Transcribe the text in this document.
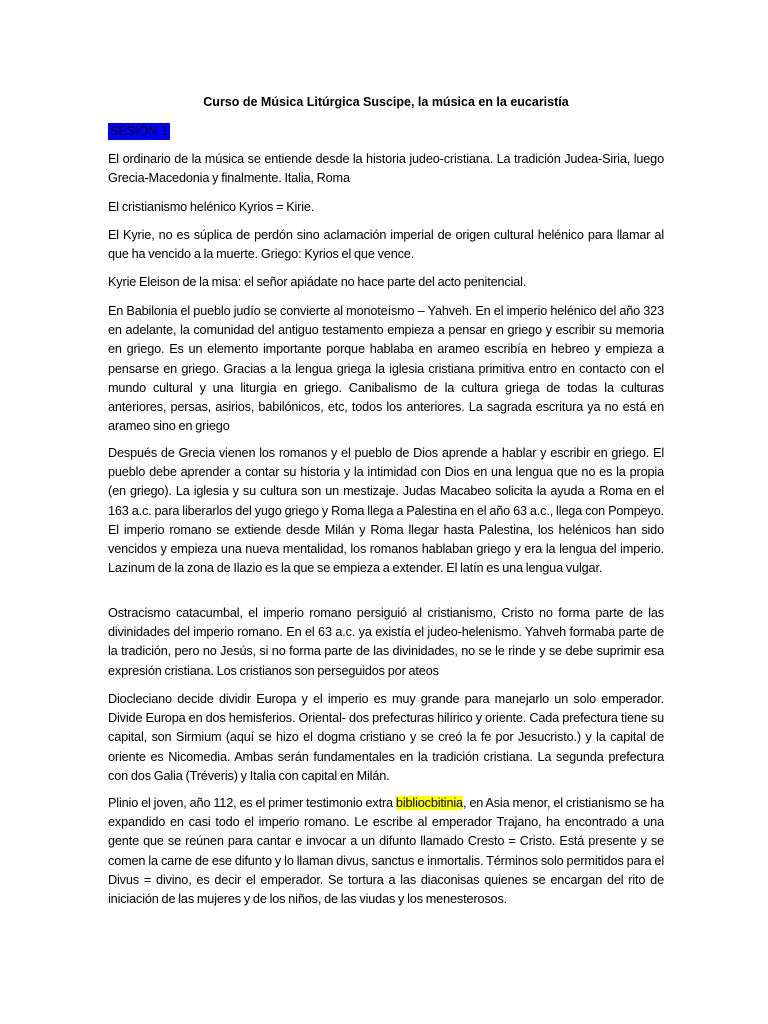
Curso de Música Litúrgica Suscipe, la música en la eucaristía
SESIÓN 1

El ordinario de la música se entiende desde la historia judeo-cristiana. La tradición Judea-Siria, luego Grecia-Macedonia y finalmente. Italia, Roma

El cristianismo helénico Kyrios = Kirie.

El Kyrie, no es súplica de perdón sino aclamación imperial de origen cultural helénico para llamar al que ha vencido a la muerte. Griego: Kyrios el que vence.

Kyrie Eleison de la misa: el señor apiádate no hace parte del acto penitencial.

En Babilonia el pueblo judío se convierte al monoteísmo – Yahveh. En el imperio helénico del año 323 en adelante, la comunidad del antiguo testamento empieza a pensar en griego y escribir su memoria en griego. Es un elemento importante porque hablaba en arameo escribía en hebreo y empieza a pensarse en griego. Gracias a la lengua griega la iglesia cristiana primitiva entro en contacto con el mundo cultural y una liturgia en griego. Canibalismo de la cultura griega de todas la culturas anteriores, persas, asirios, babilónicos, etc, todos los anteriores. La sagrada escritura ya no está en arameo sino en griego

Después de Grecia vienen los romanos y el pueblo de Dios aprende a hablar y escribir en griego. El pueblo debe aprender a contar su historia y la intimidad con Dios en una lengua que no es la propia (en griego). La iglesia y su cultura son un mestizaje. Judas Macabeo solicita la ayuda a Roma en el 163 a.c. para liberarlos del yugo griego y Roma llega a Palestina en el año 63 a.c., llega con Pompeyo. El imperio romano se extiende desde Milán y Roma llegar hasta Palestina, los helénicos han sido vencidos y empieza una nueva mentalidad, los romanos hablaban griego y era la lengua del imperio. Lazinum de la zona de Ilazio es la que se empieza a extender. El latín es una lengua vulgar.

Ostracismo catacumbal, el imperio romano persiguió al cristianismo, Cristo no forma parte de las divinidades del imperio romano. En el 63 a.c. ya existía el judeo-helenismo. Yahveh formaba parte de la tradición, pero no Jesús, si no forma parte de las divinidades, no se le rinde y se debe suprimir esa expresión cristiana. Los cristianos son perseguidos por ateos

Diocleciano decide dividir Europa y el imperio es muy grande para manejarlo un solo emperador. Divide Europa en dos hemisferios. Oriental- dos prefecturas hilírico y oriente. Cada prefectura tiene su capital, son Sirmium (aquí se hizo el dogma cristiano y se creó la fe por Jesucristo.) y la capital de oriente es Nicomedia. Ambas serán fundamentales en la tradición cristiana. La segunda prefectura con dos Galia (Tréveris) y Italia con capital en Milán.

Plinio el joven, año 112, es el primer testimonio extra bibliocbitinia, en Asia menor, el cristianismo se ha expandido en casi todo el imperio romano. Le escribe al emperador Trajano, ha encontrado a una gente que se reúnen para cantar e invocar a un difunto llamado Cresto = Cristo. Está presente y se comen la carne de ese difunto y lo llaman divus, sanctus e inmortalis. Términos solo permitidos para el Divus = divino, es decir el emperador. Se tortura a las diaconisas quienes se encargan del rito de iniciación de las mujeres y de los niños, de las viudas y los menesterosos.
